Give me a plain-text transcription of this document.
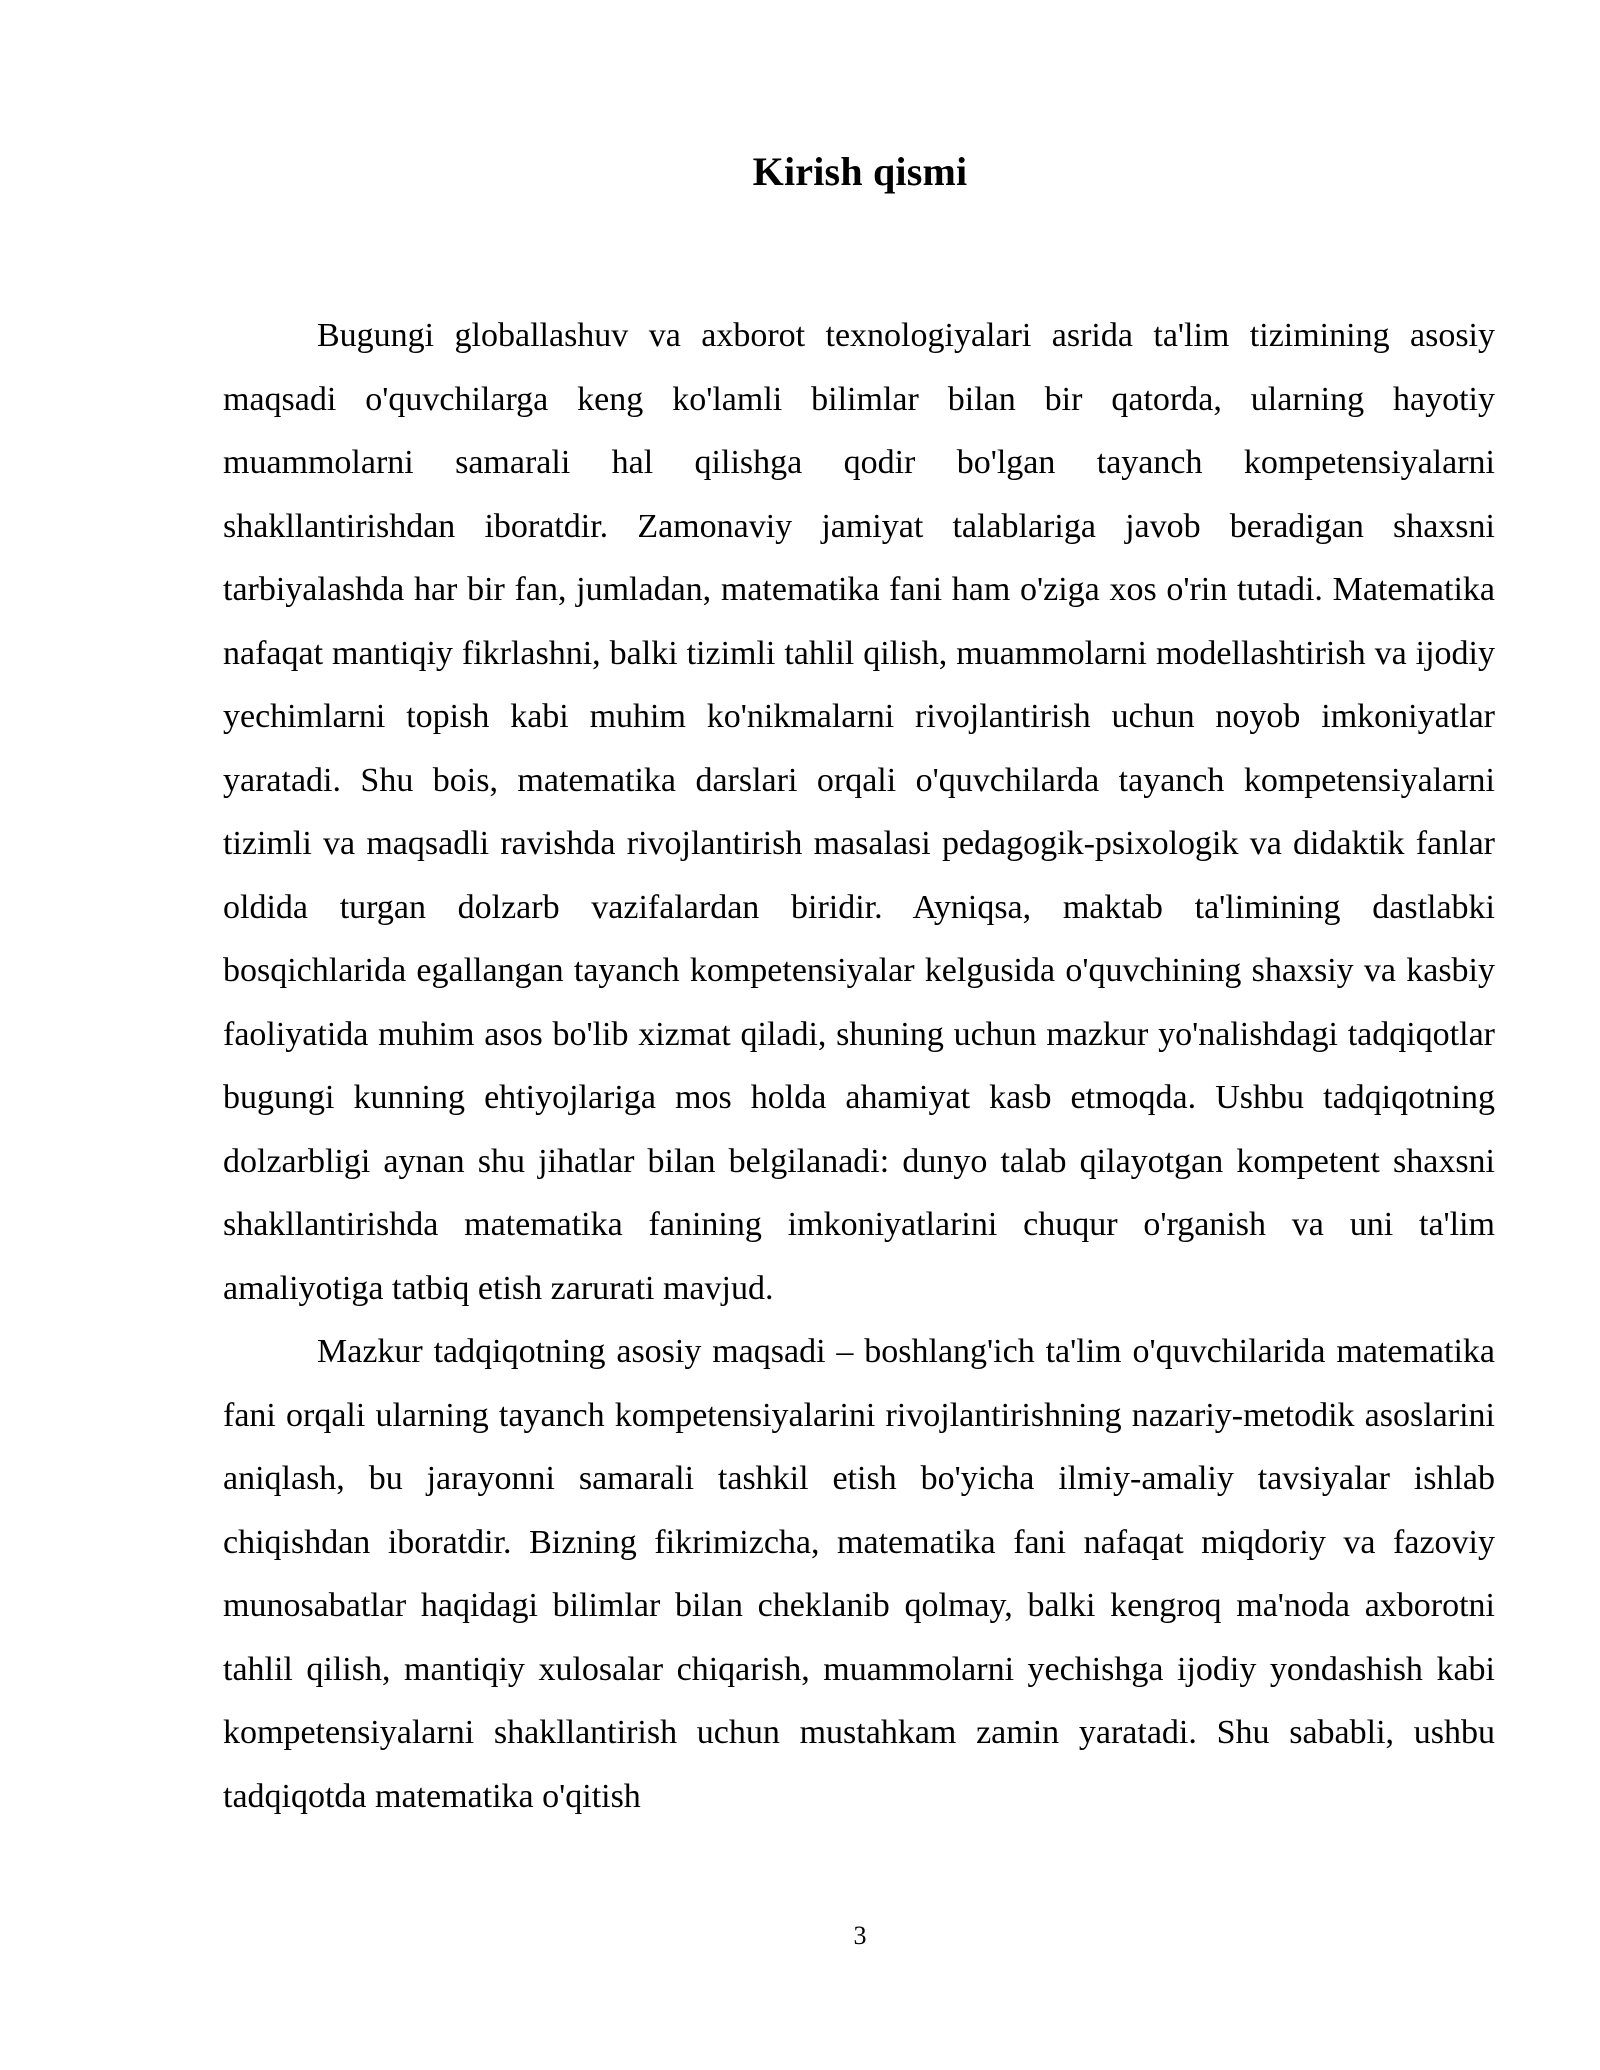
Kirish qismi

Bugungi globallashuv va axborot texnologiyalari asrida ta'lim tizimining asosiy maqsadi o'quvchilarga keng ko'lamli bilimlar bilan bir qatorda, ularning hayotiy muammolarni samarali hal qilishga qodir bo'lgan tayanch kompetensiyalarni shakllantirishdan iboratdir. Zamonaviy jamiyat talablariga javob beradigan shaxsni tarbiyalashda har bir fan, jumladan, matematika fani ham o'ziga xos o'rin tutadi. Matematika nafaqat mantiqiy fikrlashni, balki tizimli tahlil qilish, muammolarni modellashtirish va ijodiy yechimlarni topish kabi muhim ko'nikmalarni rivojlantirish uchun noyob imkoniyatlar yaratadi. Shu bois, matematika darslari orqali o'quvchilarda tayanch kompetensiyalarni tizimli va maqsadli ravishda rivojlantirish masalasi pedagogik-psixologik va didaktik fanlar oldida turgan dolzarb vazifalardan biridir. Ayniqsa, maktab ta'limining dastlabki bosqichlarida egallangan tayanch kompetensiyalar kelgusida o'quvchining shaxsiy va kasbiy faoliyatida muhim asos bo'lib xizmat qiladi, shuning uchun mazkur yo'nalishdagi tadqiqotlar bugungi kunning ehtiyojlariga mos holda ahamiyat kasb etmoqda. Ushbu tadqiqotning dolzarbligi aynan shu jihatlar bilan belgilanadi: dunyo talab qilayotgan kompetent shaxsni shakllantirishda matematika fanining imkoniyatlarini chuqur o'rganish va uni ta'lim amaliyotiga tatbiq etish zarurati mavjud.

Mazkur tadqiqotning asosiy maqsadi – boshlang'ich ta'lim o'quvchilarida matematika fani orqali ularning tayanch kompetensiyalarini rivojlantirishning nazariy-metodik asoslarini aniqlash, bu jarayonni samarali tashkil etish bo'yicha ilmiy-amaliy tavsiyalar ishlab chiqishdan iboratdir. Bizning fikrimizcha, matematika fani nafaqat miqdoriy va fazoviy munosabatlar haqidagi bilimlar bilan cheklanib qolmay, balki kengroq ma'noda axborotni tahlil qilish, mantiqiy xulosalar chiqarish, muammolarni yechishga ijodiy yondashish kabi kompetensiyalarni shakllantirish uchun mustahkam zamin yaratadi. Shu sababli, ushbu tadqiqotda matematika o'qitish

3
